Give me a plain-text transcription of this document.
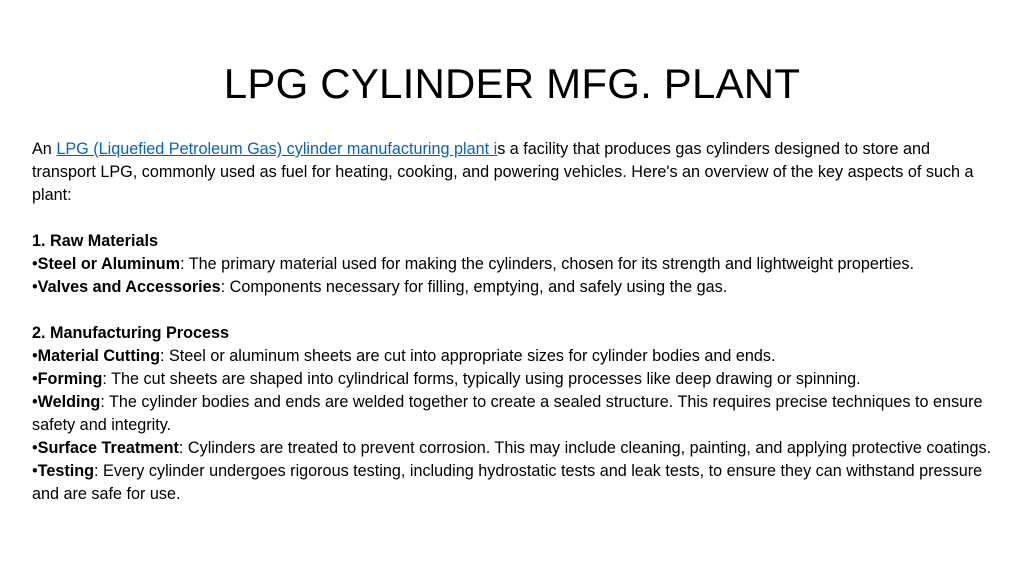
LPG CYLINDER MFG. PLANT

An LPG (Liquefied Petroleum Gas) cylinder manufacturing plant is a facility that produces gas cylinders designed to store and transport LPG, commonly used as fuel for heating, cooking, and powering vehicles. Here's an overview of the key aspects of such a plant:

1. Raw Materials

•Steel or Aluminum: The primary material used for making the cylinders, chosen for its strength and lightweight properties.

•Valves and Accessories: Components necessary for filling, emptying, and safely using the gas.

2. Manufacturing Process

•Material Cutting: Steel or aluminum sheets are cut into appropriate sizes for cylinder bodies and ends.

•Forming: The cut sheets are shaped into cylindrical forms, typically using processes like deep drawing or spinning.

•Welding: The cylinder bodies and ends are welded together to create a sealed structure. This requires precise techniques to ensure safety and integrity.

•Surface Treatment: Cylinders are treated to prevent corrosion. This may include cleaning, painting, and applying protective coatings.

•Testing: Every cylinder undergoes rigorous testing, including hydrostatic tests and leak tests, to ensure they can withstand pressure and are safe for use.
